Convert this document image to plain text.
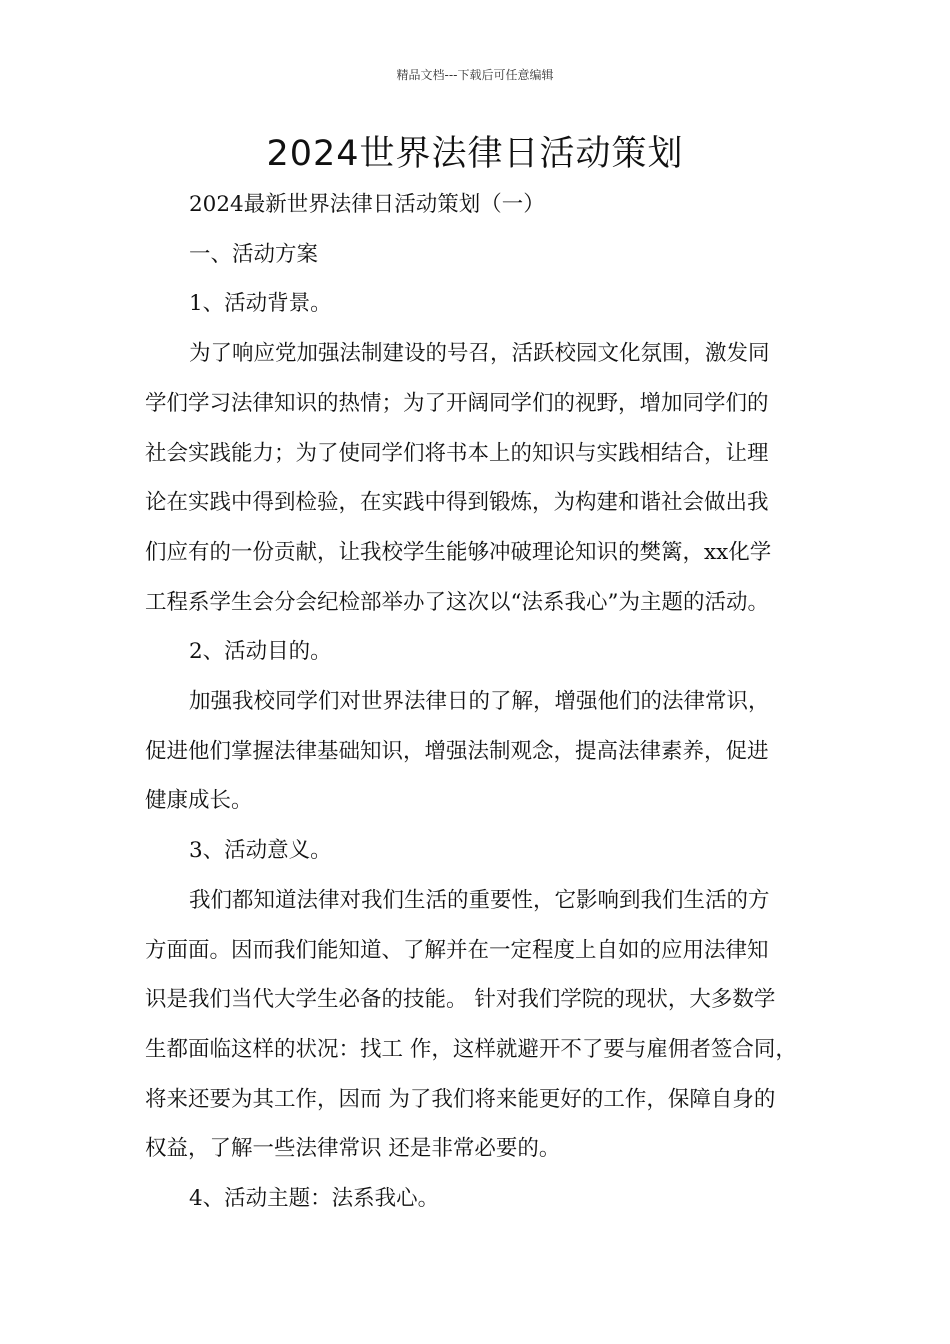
精品文档---下载后可任意编辑
2024世界法律日活动策划

2024最新世界法律日活动策划（一）

一、活动方案

1、活动背景。

为了响应党加强法制建设的号召，活跃校园文化氛围，激发同
学们学习法律知识的热情；为了开阔同学们的视野，增加同学们的
社会实践能力；为了使同学们将书本上的知识与实践相结合，让理
论在实践中得到检验，在实践中得到锻炼，为构建和谐社会做出我
们应有的一份贡献，让我校学生能够冲破理论知识的樊篱，xx化学
工程系学生会分会纪检部举办了这次以“法系我心”为主题的活动。

2、活动目的。

加强我校同学们对世界法律日的了解，增强他们的法律常识，
促进他们掌握法律基础知识，增强法制观念，提高法律素养，促进
健康成长。

3、活动意义。

我们都知道法律对我们生活的重要性，它影响到我们生活的方
方面面。因而我们能知道、了解并在一定程度上自如的应用法律知
识是我们当代大学生必备的技能。 针对我们学院的现状，大多数学
生都面临这样的状况：找工 作，这样就避开不了要与雇佣者签合同，
将来还要为其工作，因而 为了我们将来能更好的工作，保障自身的
权益，了解一些法律常识 还是非常必要的。

4、活动主题：法系我心。
